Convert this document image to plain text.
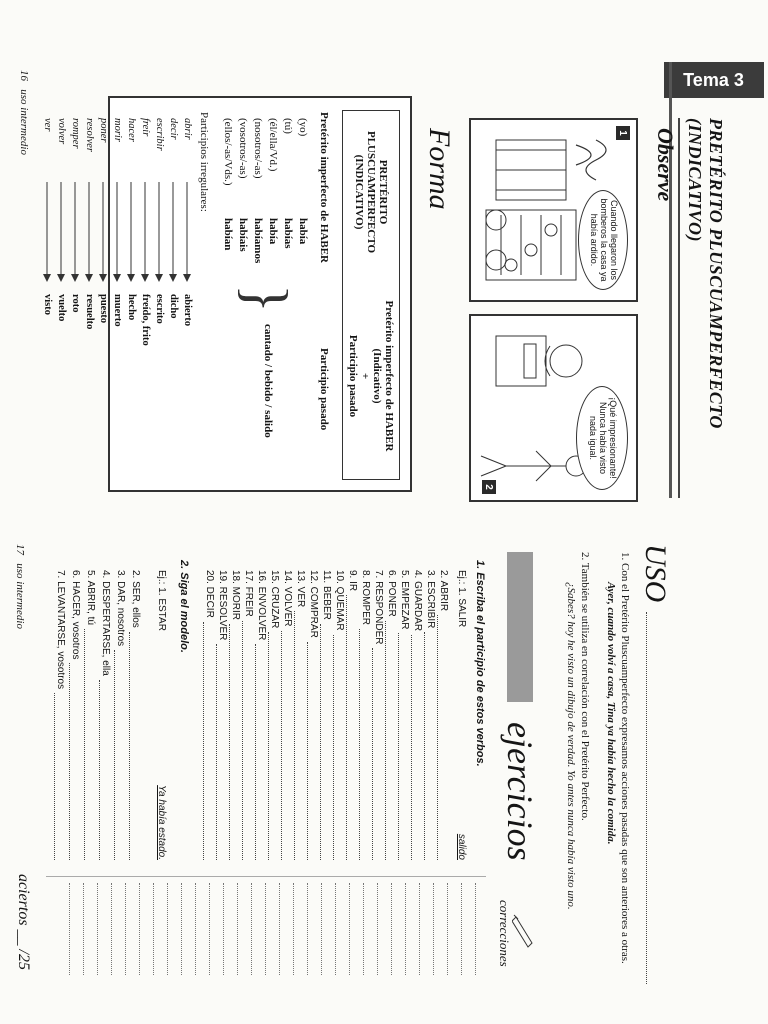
Tema 3
PRETÉRITO PLUSCUAMPERFECTO (INDICATIVO)
Observe
1
Cuando llegaron los bomberos la casa ya había ardido.
2
¡Qué impresionante! Nunca había visto nada igual.
Forma
PRETÉRITO PLUSCUAMPERFECTO (INDICATIVO)
Pretérito imperfecto de HABER (Indicativo)
+
Participio pasado
Pretérito imperfecto de HABER
Participio pasado
(yo)
(tú)
(él/ella/Vd.)
(nosotros/-as)
(vosotros/-as)
(ellos/-as/Vds.)
había
habías
había
habíamos
habíais
habían
}
cantado / bebido / salido
Participios irregulares:
abrir
decir
escribir
freír
hacer
morir
poner
resolver
romper
volver
ver
abierto
dicho
escrito
freído, frito
hecho
muerto
puesto
resuelto
roto
vuelto
visto
16   uso intermedio
USO
1. Con el Pretérito Pluscuamperfecto expresamos acciones pasadas que son anteriores a otras.
Ayer, cuando volví a casa, Tina ya había hecho la comida.
2. También se utiliza en correlación con el Pretérito Perfecto.
¿Sabes? hoy he visto un dibujo de verdad. Yo antes nunca había visto uno.
ejercicios
correcciones
1. Escriba el participio de estos verbos.
Ej.: 1. SALIR
salido
2. ABRIR
3. ESCRIBIR
4. GUARDAR
5. EMPEZAR
6. PONER
7. RESPONDER
8. ROMPER
9. IR
10. QUEMAR
11. BEBER
12. COMPRAR
13. VER
14. VOLVER
15. CRUZAR
16. ENVOLVER
17. FREIR
18. MORIR
19. RESOLVER
20. DECIR
2. Siga el modelo.
Ej.: 1. ESTAR
Ya había estado.
2. SER, ellos
3. DAR, nosotros
4. DESPERTARSE, ella
5. ABRIR, tú
6. HACER, vosotros
7. LEVANTARSE, vosotros
17   uso intermedio
aciertos __ /25
